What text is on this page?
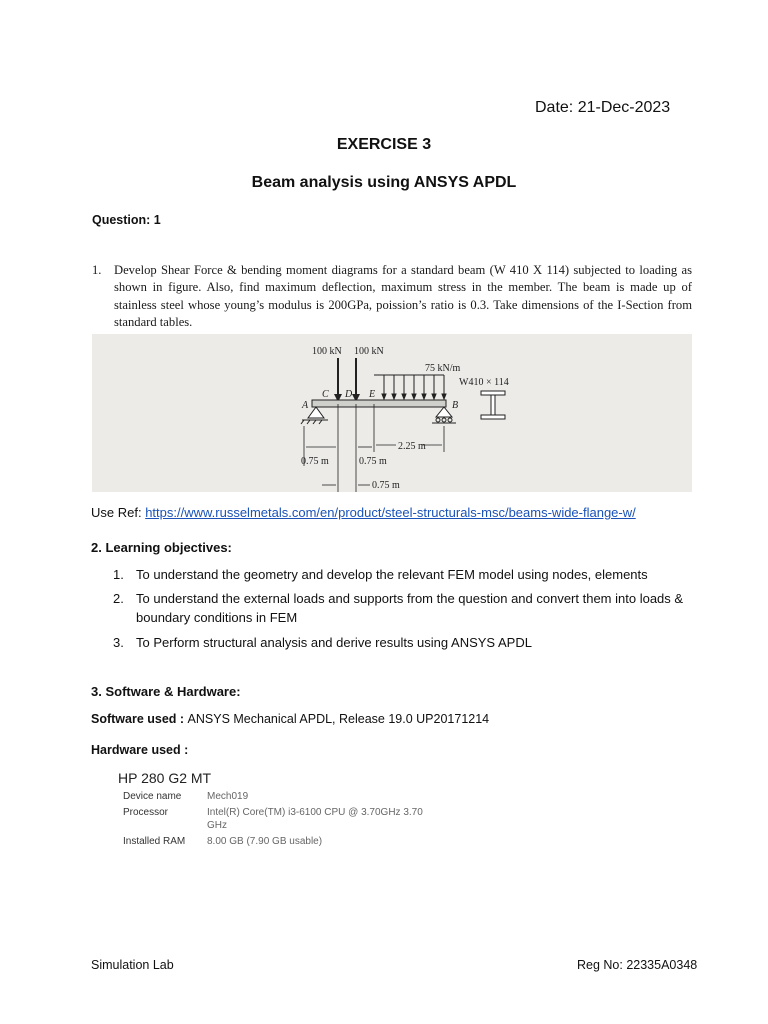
Date: 21-Dec-2023
EXERCISE 3
Beam analysis using ANSYS APDL
Question: 1
1. Develop Shear Force & bending moment diagrams for a standard beam (W 410 X 114) subjected to loading as shown in figure. Also, find maximum deflection, maximum stress in the member. The beam is made up of stainless steel whose young’s modulus is 200GPa, poission’s ratio is 0.3. Take dimensions of the I-Section from standard tables.
100 kN 100 kN
75 kN/m
W410 × 114
C D E
A	B
0.75 m	0.75 m
0.75 m
2.25 m
Use Ref: https://www.russelmetals.com/en/product/steel-structurals-msc/beams-wide-flange-w/
2. Learning objectives:
1. To understand the geometry and develop the relevant FEM model using nodes, elements
2. To understand the external loads and supports from the question and convert them into loads & boundary conditions in FEM
3. To Perform structural analysis and derive results using ANSYS APDL
3. Software & Hardware:
Software used : ANSYS Mechanical APDL, Release 19.0 UP20171214
Hardware used :
HP 280 G2 MT
Device name	Mech019
Processor	Intel(R) Core(TM) i3-6100 CPU @ 3.70GHz 3.70 GHz
Installed RAM 8.00 GB (7.90 GB usable)
Simulation Lab	Reg No: 22335A0348
